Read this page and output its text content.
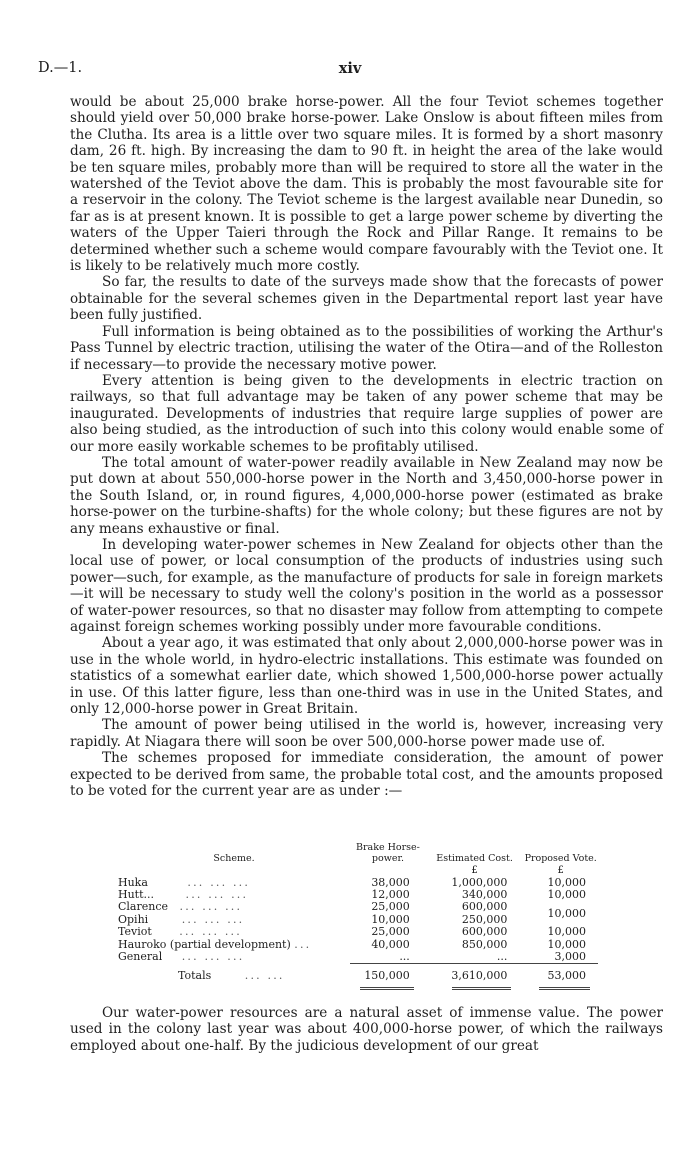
D.—1.	xiv

would be about 25,000 brake horse-power. All the four Teviot schemes together should yield over 50,000 brake horse-power. Lake Onslow is about fifteen miles from the Clutha. Its area is a little over two square miles. It is formed by a short masonry dam, 26 ft. high. By increasing the dam to 90 ft. in height the area of the lake would be ten square miles, probably more than will be required to store all the water in the watershed of the Teviot above the dam. This is probably the most favourable site for a reservoir in the colony. The Teviot scheme is the largest available near Dunedin, so far as is at present known. It is possible to get a large power scheme by diverting the waters of the Upper Taieri through the Rock and Pillar Range. It remains to be determined whether such a scheme would compare favourably with the Teviot one. It is likely to be relatively much more costly.

So far, the results to date of the surveys made show that the forecasts of power obtainable for the several schemes given in the Departmental report last year have been fully justified.

Full information is being obtained as to the possibilities of working the Arthur's Pass Tunnel by electric traction, utilising the water of the Otira—and of the Rolleston if necessary—to provide the necessary motive power.

Every attention is being given to the developments in electric traction on railways, so that full advantage may be taken of any power scheme that may be inaugurated. Developments of industries that require large supplies of power are also being studied, as the introduction of such into this colony would enable some of our more easily workable schemes to be profitably utilised.

The total amount of water-power readily available in New Zealand may now be put down at about 550,000-horse power in the North and 3,450,000-horse power in the South Island, or, in round figures, 4,000,000-horse power (estimated as brake horse-power on the turbine-shafts) for the whole colony; but these figures are not by any means exhaustive or final.

In developing water-power schemes in New Zealand for objects other than the local use of power, or local consumption of the products of industries using such power—such, for example, as the manufacture of products for sale in foreign markets—it will be necessary to study well the colony's position in the world as a possessor of water-power resources, so that no disaster may follow from attempting to compete against foreign schemes working possibly under more favourable conditions.

About a year ago, it was estimated that only about 2,000,000-horse power was in use in the whole world, in hydro-electric installations. This estimate was founded on statistics of a somewhat earlier date, which showed 1,500,000-horse power actually in use. Of this latter figure, less than one-third was in use in the United States, and only 12,000-horse power in Great Britain.

The amount of power being utilised in the world is, however, increasing very rapidly. At Niagara there will soon be over 500,000-horse power made use of.

The schemes proposed for immediate consideration, the amount of power expected to be derived from same, the probable total cost, and the amounts proposed to be voted for the current year are as under :—

Scheme.	Brake Horse-power.	Estimated Cost.	Proposed Vote.
		£	£
Huka ... ... ...	38,000	1,000,000	10,000
Hutt... ... ... ...	12,000	340,000	10,000
Clarence ... ... ...	25,000	600,000	10,000
Opihi ... ... ...	10,000	250,000	
Teviot ... ... ...	25,000	600,000	10,000
Hauroko (partial development) ...	40,000	850,000	10,000
General ... ... ...	...	...	3,000
Totals ... ...	150,000	3,610,000	53,000

Our water-power resources are a natural asset of immense value. The power used in the colony last year was about 400,000-horse power, of which the railways employed about one-half. By the judicious development of our great
